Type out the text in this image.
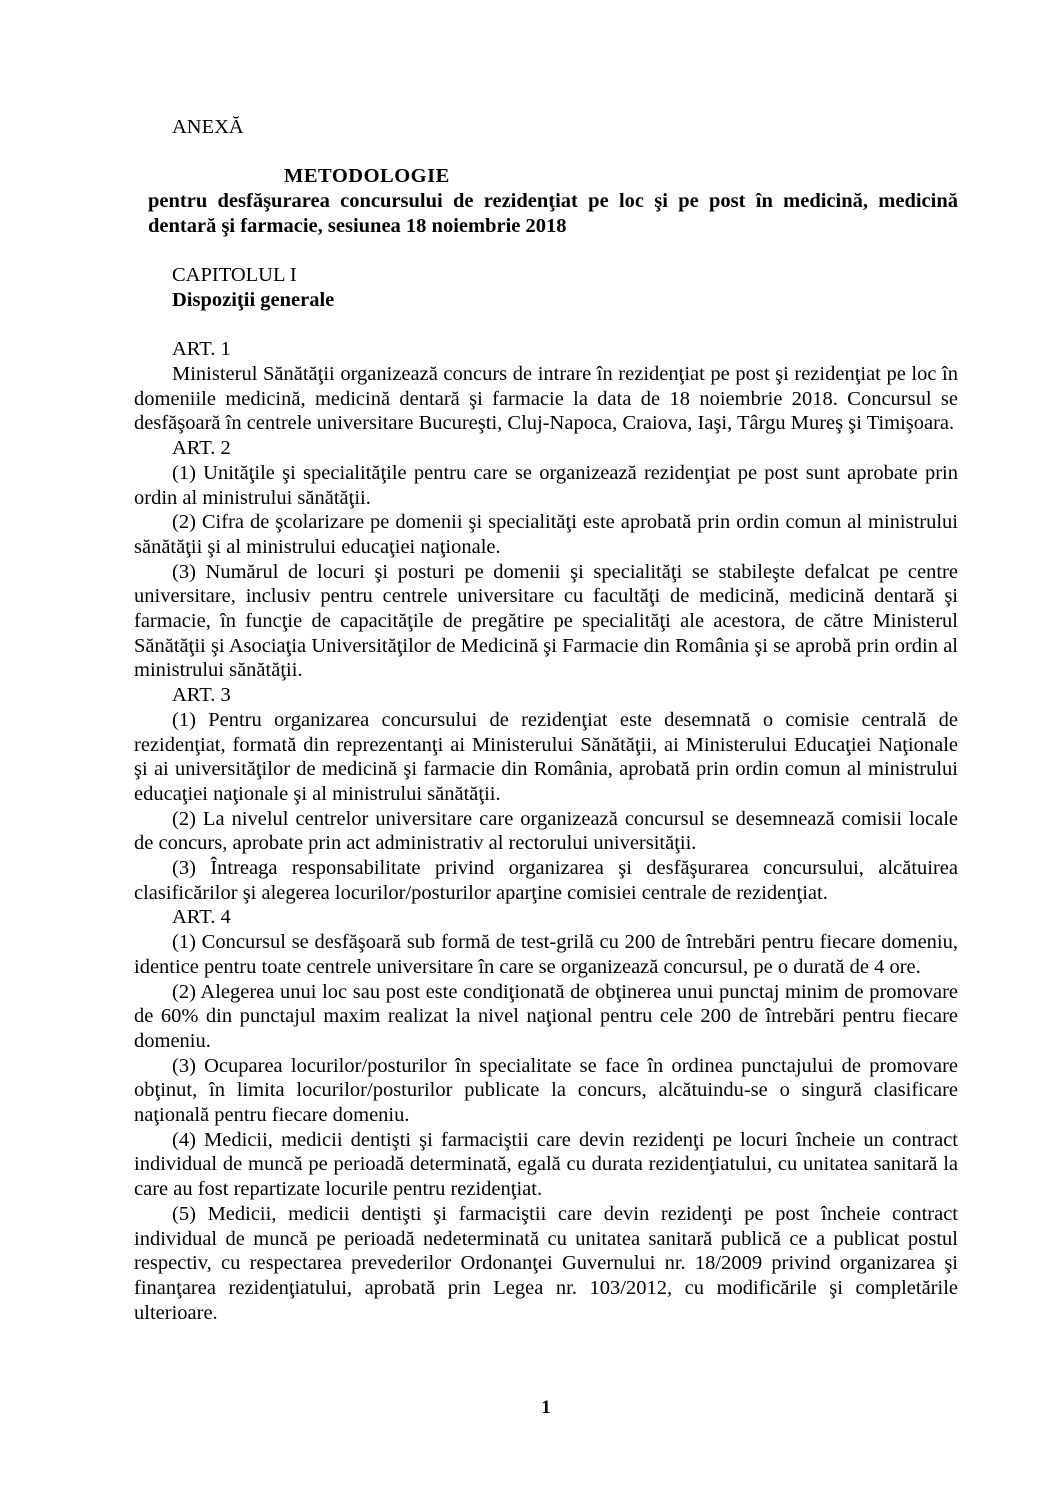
ANEXĂ
METODOLOGIE
pentru desfăşurarea concursului de rezidenţiat pe loc şi pe post în medicină, medicină dentară şi farmacie, sesiunea 18 noiembrie 2018
CAPITOLUL I
Dispoziţii generale
ART. 1

Ministerul Sănătăţii organizează concurs de intrare în rezidenţiat pe post şi rezidenţiat pe loc în domeniile medicină, medicină dentară şi farmacie la data de 18 noiembrie 2018. Concursul se desfăşoară în centrele universitare Bucureşti, Cluj-Napoca, Craiova, Iaşi, Târgu Mureş şi Timişoara.

ART. 2

(1) Unităţile şi specialităţile pentru care se organizează rezidenţiat pe post sunt aprobate prin ordin al ministrului sănătăţii.

(2) Cifra de şcolarizare pe domenii şi specialităţi este aprobată prin ordin comun al ministrului sănătăţii şi al ministrului educaţiei naţionale.

(3) Numărul de locuri şi posturi pe domenii şi specialităţi se stabileşte defalcat pe centre universitare, inclusiv pentru centrele universitare cu facultăţi de medicină, medicină dentară şi farmacie, în funcţie de capacităţile de pregătire pe specialităţi ale acestora, de către Ministerul Sănătăţii şi Asociaţia Universităţilor de Medicină şi Farmacie din România şi se aprobă prin ordin al ministrului sănătăţii.

ART. 3

(1) Pentru organizarea concursului de rezidenţiat este desemnată o comisie centrală de rezidenţiat, formată din reprezentanţi ai Ministerului Sănătăţii, ai Ministerului Educaţiei Naţionale şi ai universităţilor de medicină şi farmacie din România, aprobată prin ordin comun al ministrului educaţiei naţionale şi al ministrului sănătăţii.

(2) La nivelul centrelor universitare care organizează concursul se desemnează comisii locale de concurs, aprobate prin act administrativ al rectorului universităţii.

(3) Întreaga responsabilitate privind organizarea şi desfăşurarea concursului, alcătuirea clasificărilor şi alegerea locurilor/posturilor aparţine comisiei centrale de rezidenţiat.

ART. 4

(1) Concursul se desfăşoară sub formă de test-grilă cu 200 de întrebări pentru fiecare domeniu, identice pentru toate centrele universitare în care se organizează concursul, pe o durată de 4 ore.

(2) Alegerea unui loc sau post este condiţionată de obţinerea unui punctaj minim de promovare de 60% din punctajul maxim realizat la nivel naţional pentru cele 200 de întrebări pentru fiecare domeniu.

(3) Ocuparea locurilor/posturilor în specialitate se face în ordinea punctajului de promovare obţinut, în limita locurilor/posturilor publicate la concurs, alcătuindu-se o singură clasificare naţională pentru fiecare domeniu.

(4) Medicii, medicii dentişti şi farmaciştii care devin rezidenţi pe locuri încheie un contract individual de muncă pe perioadă determinată, egală cu durata rezidenţiatului, cu unitatea sanitară la care au fost repartizate locurile pentru rezidenţiat.

(5) Medicii, medicii dentişti şi farmaciştii care devin rezidenţi pe post încheie contract individual de muncă pe perioadă nedeterminată cu unitatea sanitară publică ce a publicat postul respectiv, cu respectarea prevederilor Ordonanţei Guvernului nr. 18/2009 privind organizarea şi finanţarea rezidenţiatului, aprobată prin Legea nr. 103/2012, cu modificările şi completările ulterioare.

1
